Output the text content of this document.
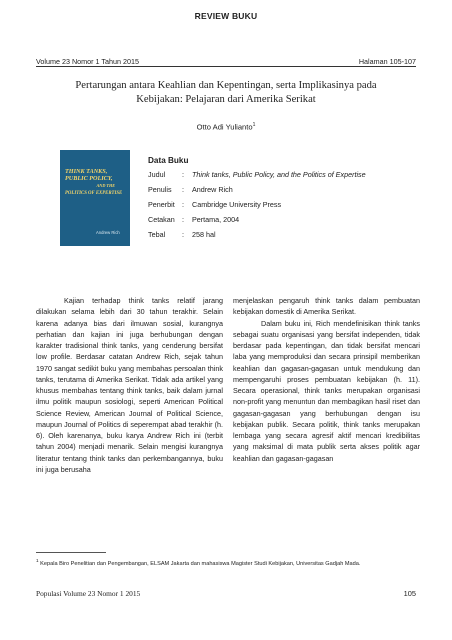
REVIEW BUKU
Volume 23 Nomor 1 Tahun 2015	Halaman 105-107
Pertarungan antara Keahlian dan Kepentingan, serta Implikasinya pada
Kebijakan: Pelajaran dari Amerika Serikat
Otto Adi Yulianto$^1$
THINK TANKS,
PUBLIC POLICY,
AND THE
POLITICS OF EXPERTISE
Andrew Rich
Data Buku
Judul : Think tanks, Public Policy, and the Politics of Expertise
Penulis : Andrew Rich
Penerbit : Cambridge University Press
Cetakan : Pertama, 2004
Tebal : 258 hal

Kajian terhadap think tanks relatif jarang dilakukan selama lebih dari 30 tahun terakhir. Selain karena adanya bias dari ilmuwan sosial, kurangnya perhatian dan kajian ini juga berhubungan dengan karakter tradisional think tanks, yang cenderung bersifat low profile. Berdasar catatan Andrew Rich, sejak tahun 1970 sangat sedikit buku yang membahas persoalan think tanks, terutama di Amerika Serikat. Tidak ada artikel yang khusus membahas tentang think tanks, baik dalam jurnal ilmu politik maupun sosiologi, seperti American Political Science Review, American Journal of Political Science, maupun Journal of Politics di seperempat abad terakhir (h. 6). Oleh karenanya, buku karya Andrew Rich ini (terbit tahun 2004) menjadi menarik. Selain mengisi kurangnya literatur tentang think tanks dan perkembangannya, buku ini juga berusaha

menjelaskan pengaruh think tanks dalam pembuatan kebijakan domestik di Amerika Serikat.

Dalam buku ini, Rich mendefinisikan think tanks sebagai suatu organisasi yang bersifat independen, tidak berdasar pada kepentingan, dan tidak bersifat mencari laba yang memproduksi dan secara prinsipil memberikan keahlian dan gagasan-gagasan untuk mendukung dan mempengaruhi proses pembuatan kebijakan (h. 11). Secara operasional, think tanks merupakan organisasi non-profit yang menuntun dan membagikan hasil riset dan gagasan-gagasan yang berhubungan dengan isu kebijakan publik. Secara politik, think tanks merupakan lembaga yang secara agresif aktif mencari kredibilitas yang maksimal di mata publik serta akses politik agar keahlian dan gagasan-gagasan

$^1$ Kepala Biro Penelitian dan Pengembangan, ELSAM Jakarta dan mahasiswa Magister Studi Kebijakan, Universitas Gadjah Mada.
Populasi Volume 23 Nomor 1 2015	105
